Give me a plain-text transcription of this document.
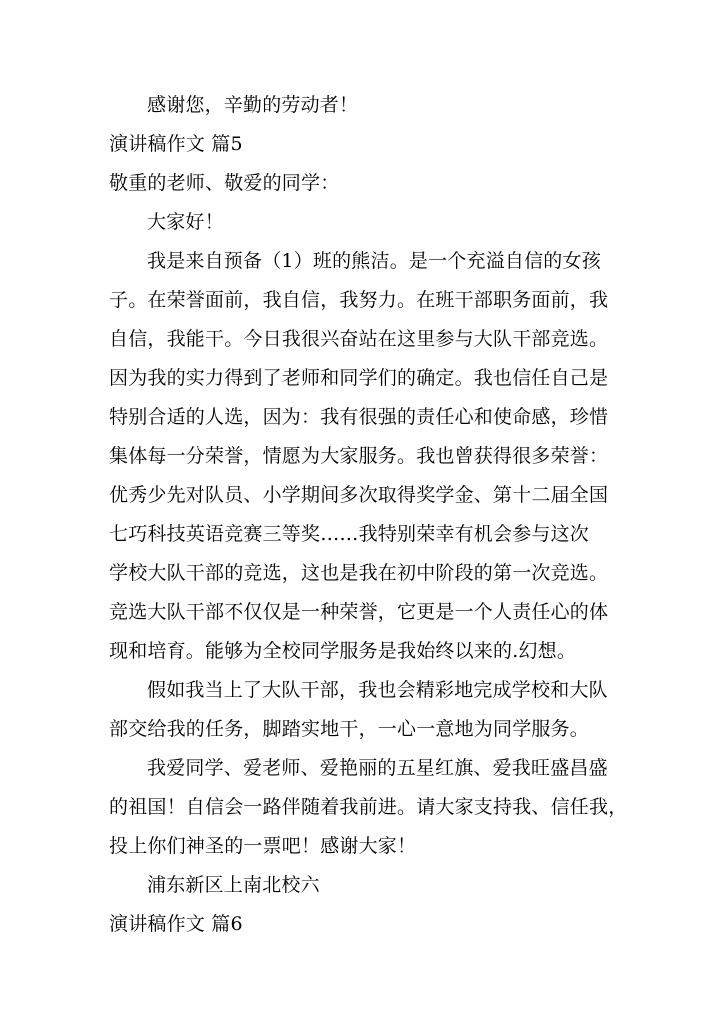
感谢您，辛勤的劳动者！
演讲稿作文 篇5
敬重的老师、敬爱的同学：
大家好！
我是来自预备（1）班的熊洁。是一个充溢自信的女孩
子。在荣誉面前，我自信，我努力。在班干部职务面前，我
自信，我能干。今日我很兴奋站在这里参与大队干部竞选。
因为我的实力得到了老师和同学们的确定。我也信任自己是
特别合适的人选，因为：我有很强的责任心和使命感，珍惜
集体每一分荣誉，情愿为大家服务。我也曾获得很多荣誉：
优秀少先对队员、小学期间多次取得奖学金、第十二届全国
七巧科技英语竞赛三等奖……我特别荣幸有机会参与这次
学校大队干部的竞选，这也是我在初中阶段的第一次竞选。
竞选大队干部不仅仅是一种荣誉，它更是一个人责任心的体
现和培育。能够为全校同学服务是我始终以来的.幻想。
假如我当上了大队干部，我也会精彩地完成学校和大队
部交给我的任务，脚踏实地干，一心一意地为同学服务。
我爱同学、爱老师、爱艳丽的五星红旗、爱我旺盛昌盛
的祖国！自信会一路伴随着我前进。请大家支持我、信任我，
投上你们神圣的一票吧！感谢大家！
浦东新区上南北校六
演讲稿作文 篇6
